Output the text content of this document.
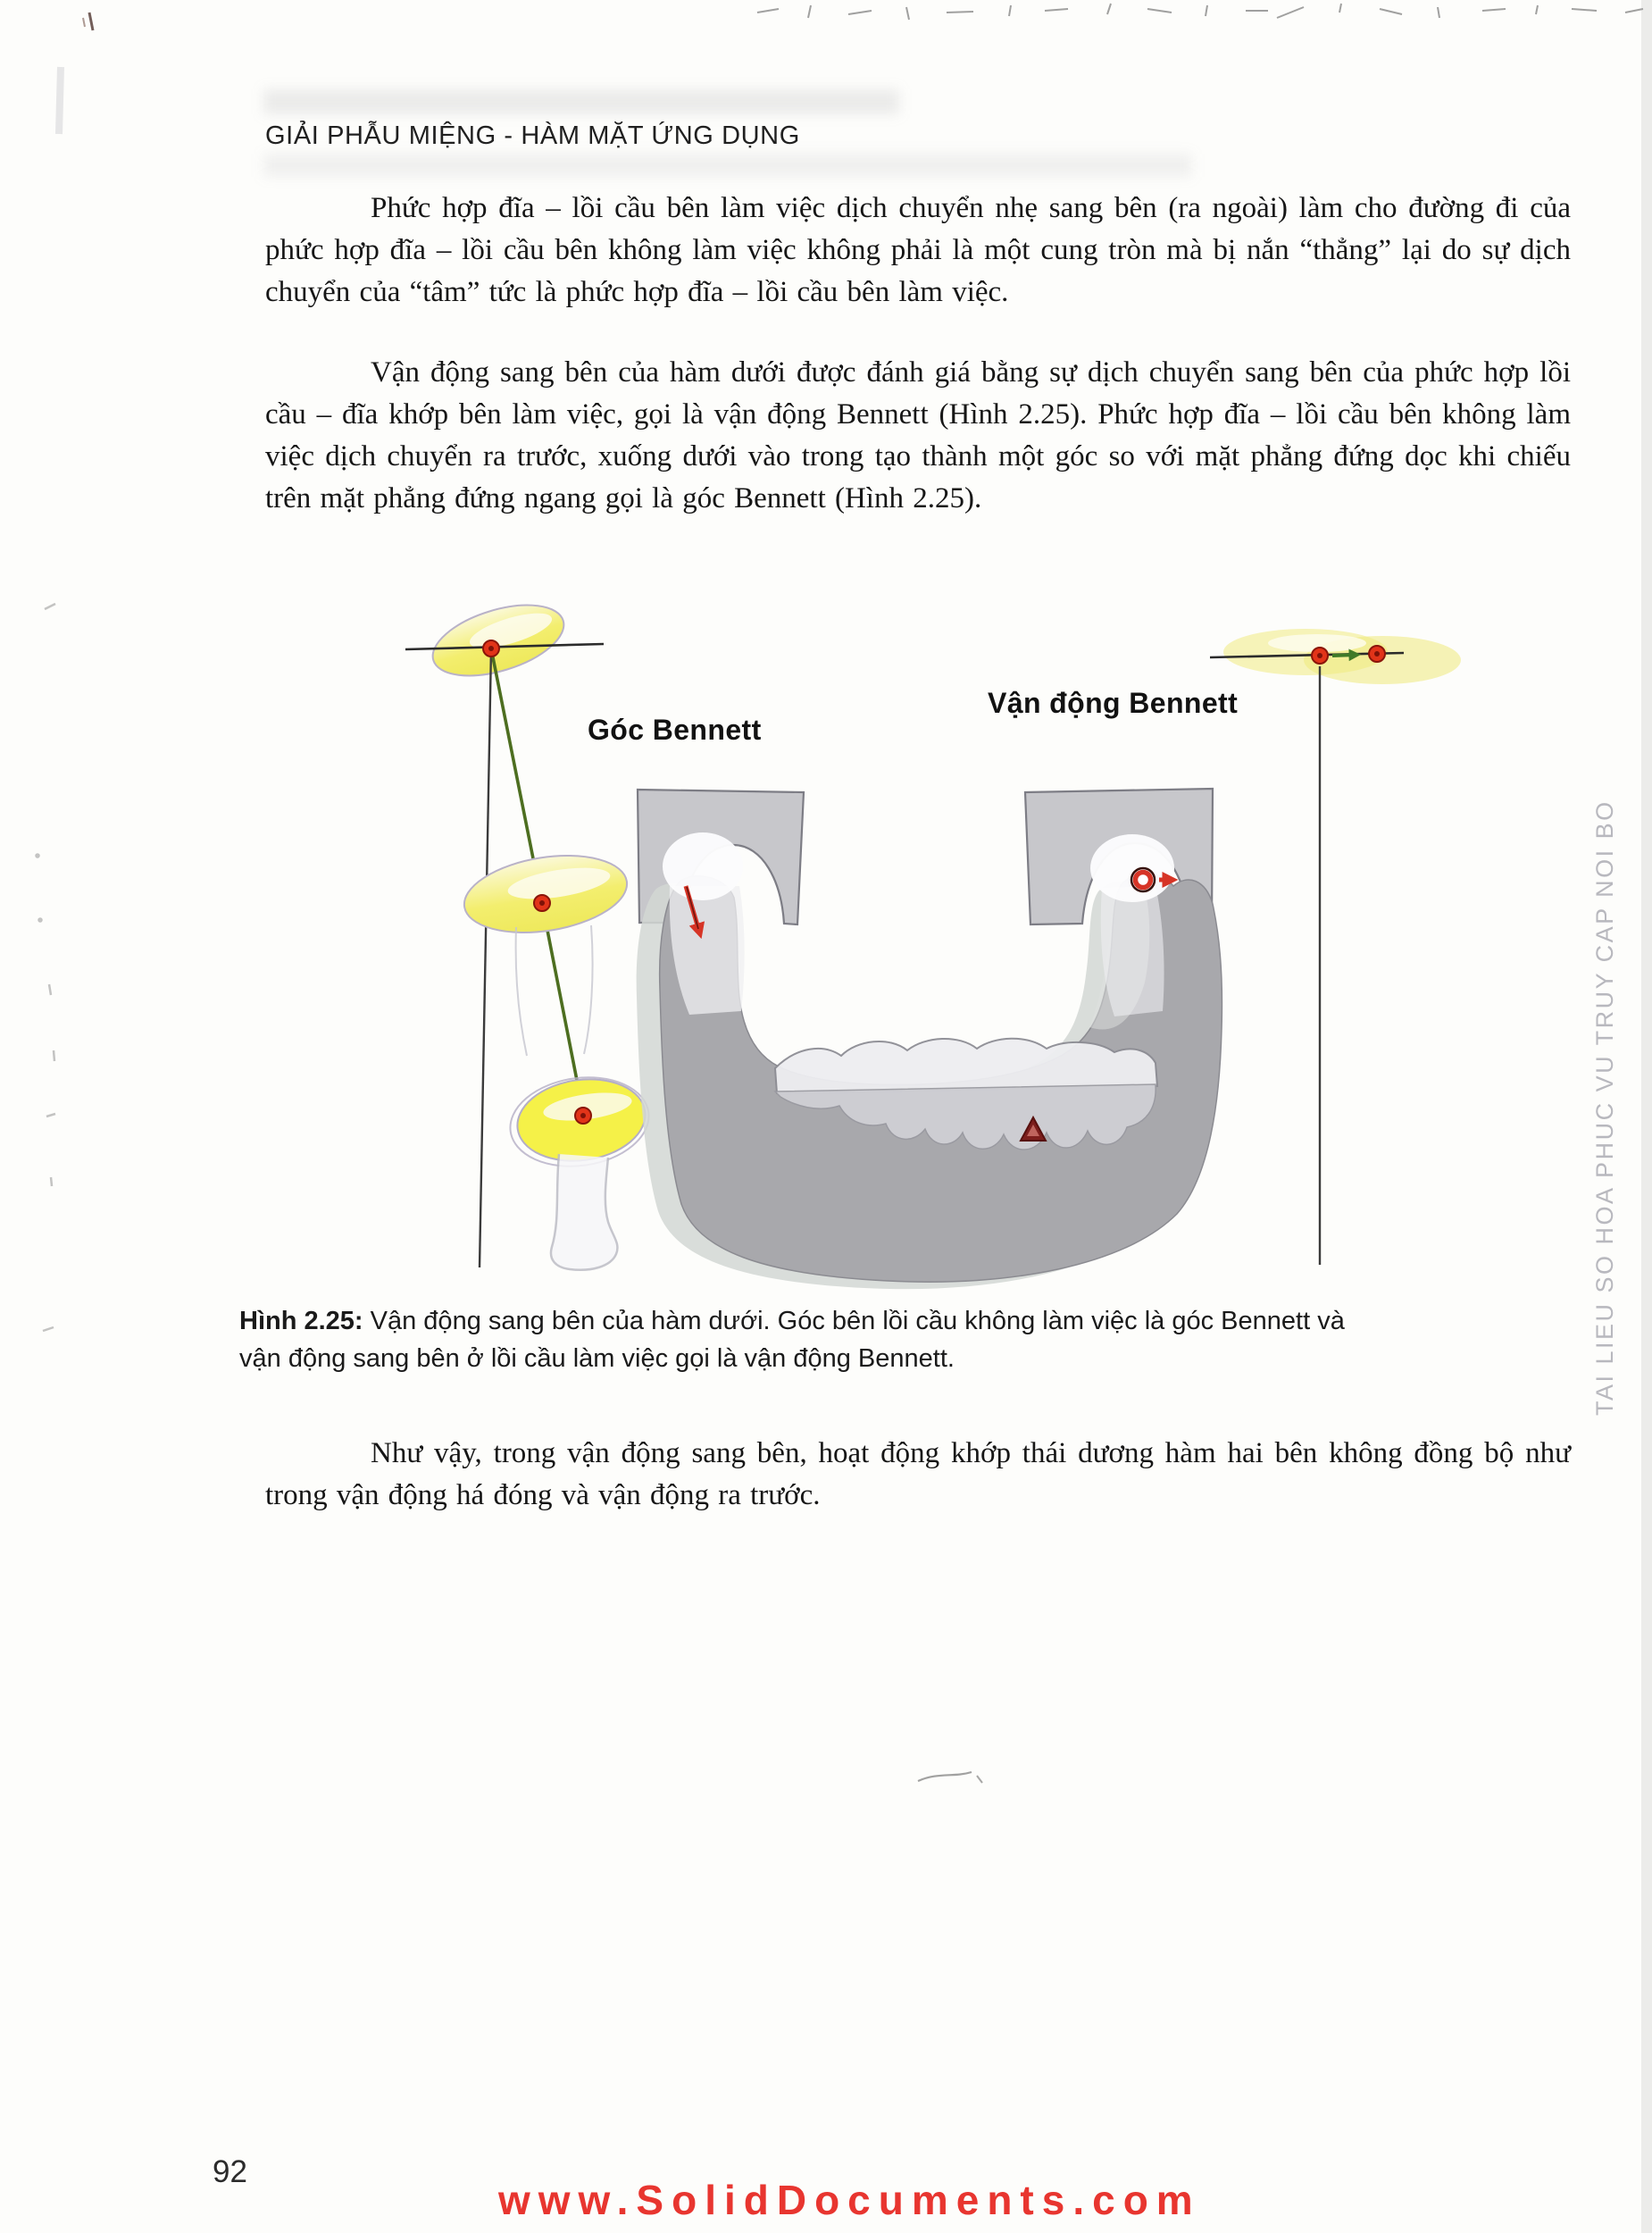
GIẢI PHẪU MIỆNG - HÀM MẶT ỨNG DỤNG
Phức hợp đĩa – lồi cầu bên làm việc dịch chuyển nhẹ sang bên (ra ngoài) làm cho đường đi của phức hợp đĩa – lồi cầu bên không làm việc không phải là một cung tròn mà bị nắn “thẳng” lại do sự dịch chuyển của “tâm” tức là phức hợp đĩa – lồi cầu bên làm việc.
Vận động sang bên của hàm dưới được đánh giá bằng sự dịch chuyển sang bên của phức hợp lồi cầu – đĩa khớp bên làm việc, gọi là vận động Bennett (Hình 2.25). Phức hợp đĩa – lồi cầu bên không làm việc dịch chuyển ra trước, xuống dưới vào trong tạo thành một góc so với mặt phẳng đứng dọc khi chiếu trên mặt phẳng đứng ngang gọi là góc Bennett (Hình 2.25).
Góc Bennett
Vận động Bennett
Hình 2.25: Vận động sang bên của hàm dưới. Góc bên lồi cầu không làm việc là góc Bennett và
vận động sang bên ở lồi cầu làm việc gọi là vận động Bennett.
Như vậy, trong vận động sang bên, hoạt động khớp thái dương hàm hai bên không đồng bộ như trong vận động há đóng và vận động ra trước.
92
www.SolidDocuments.com
TAI LIEU SO HOA PHUC VU TRUY CAP NOI BO
